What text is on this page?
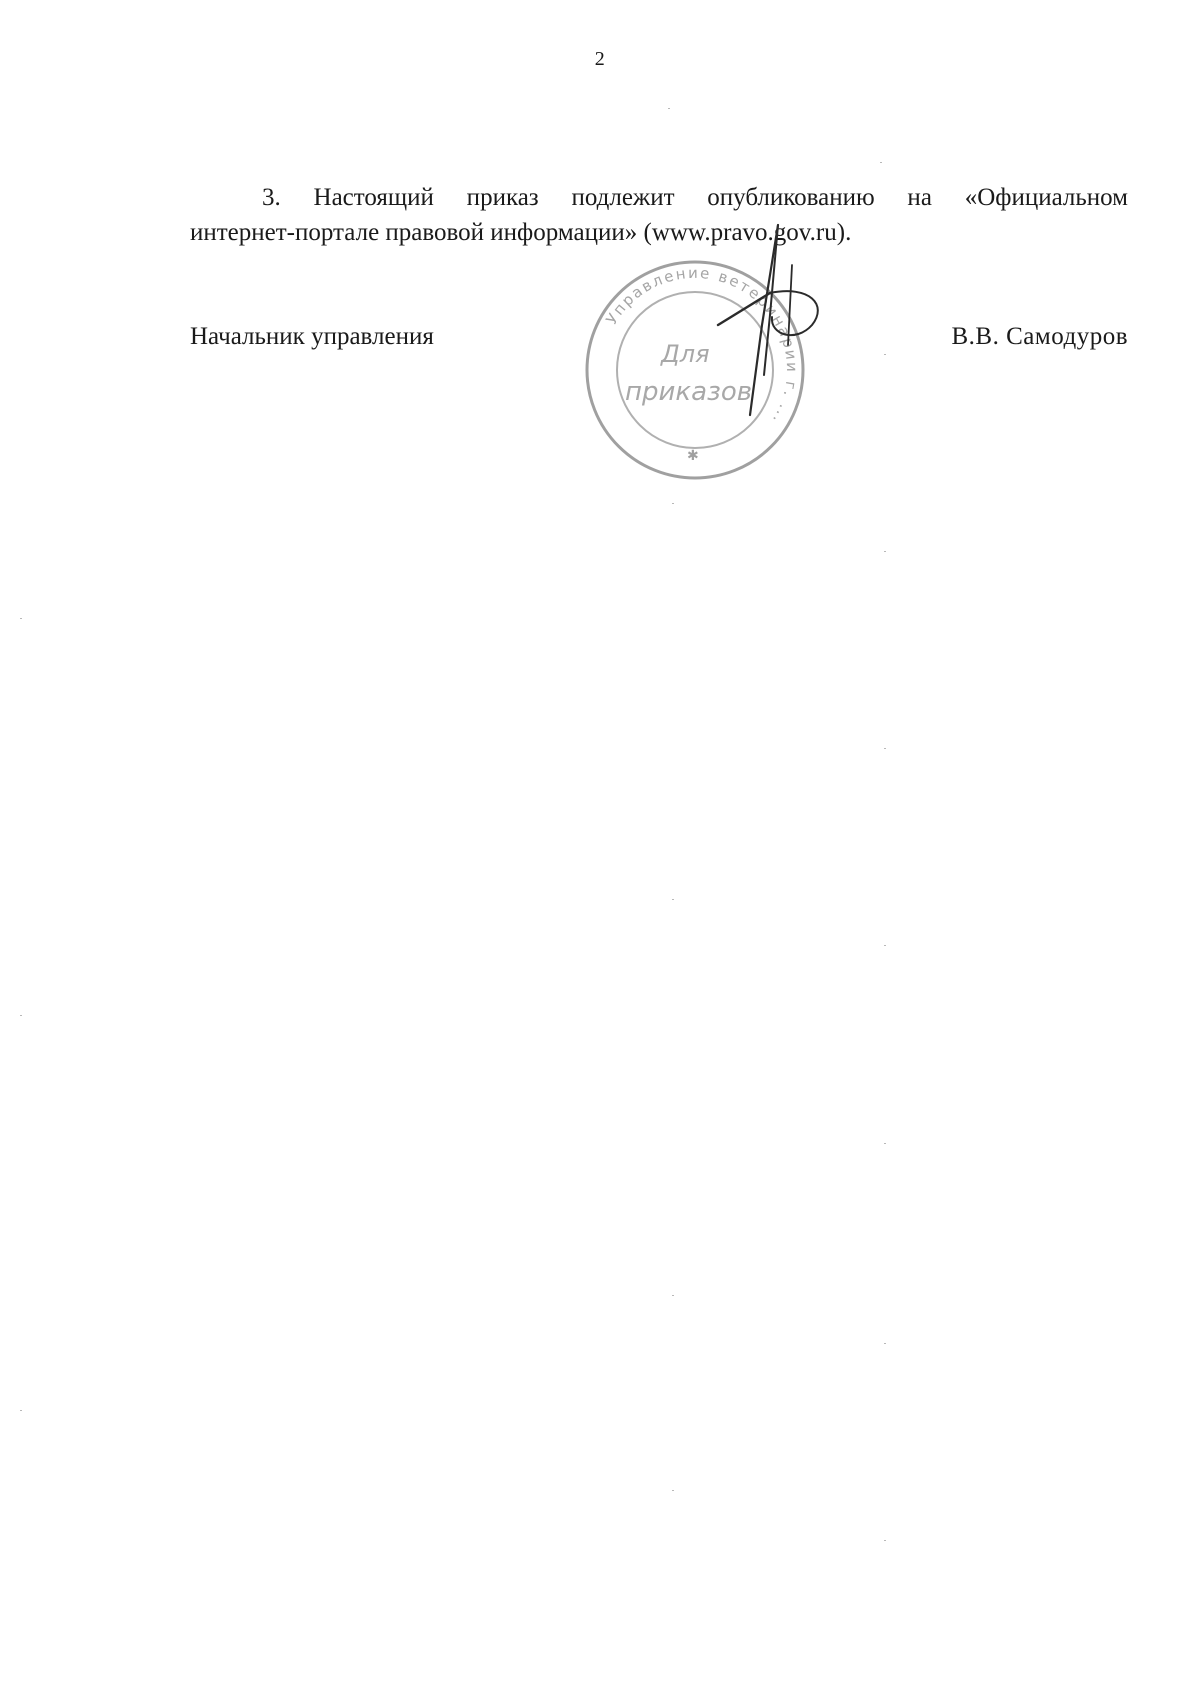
2
3. Настоящий приказ подлежит опубликованию на «Официальном
интернет-портале правовой информации» (www.pravo.gov.ru).
Начальник управления	В.В. Самодуров
Управление ветеринарии г. ...
Для
приказов
✱
